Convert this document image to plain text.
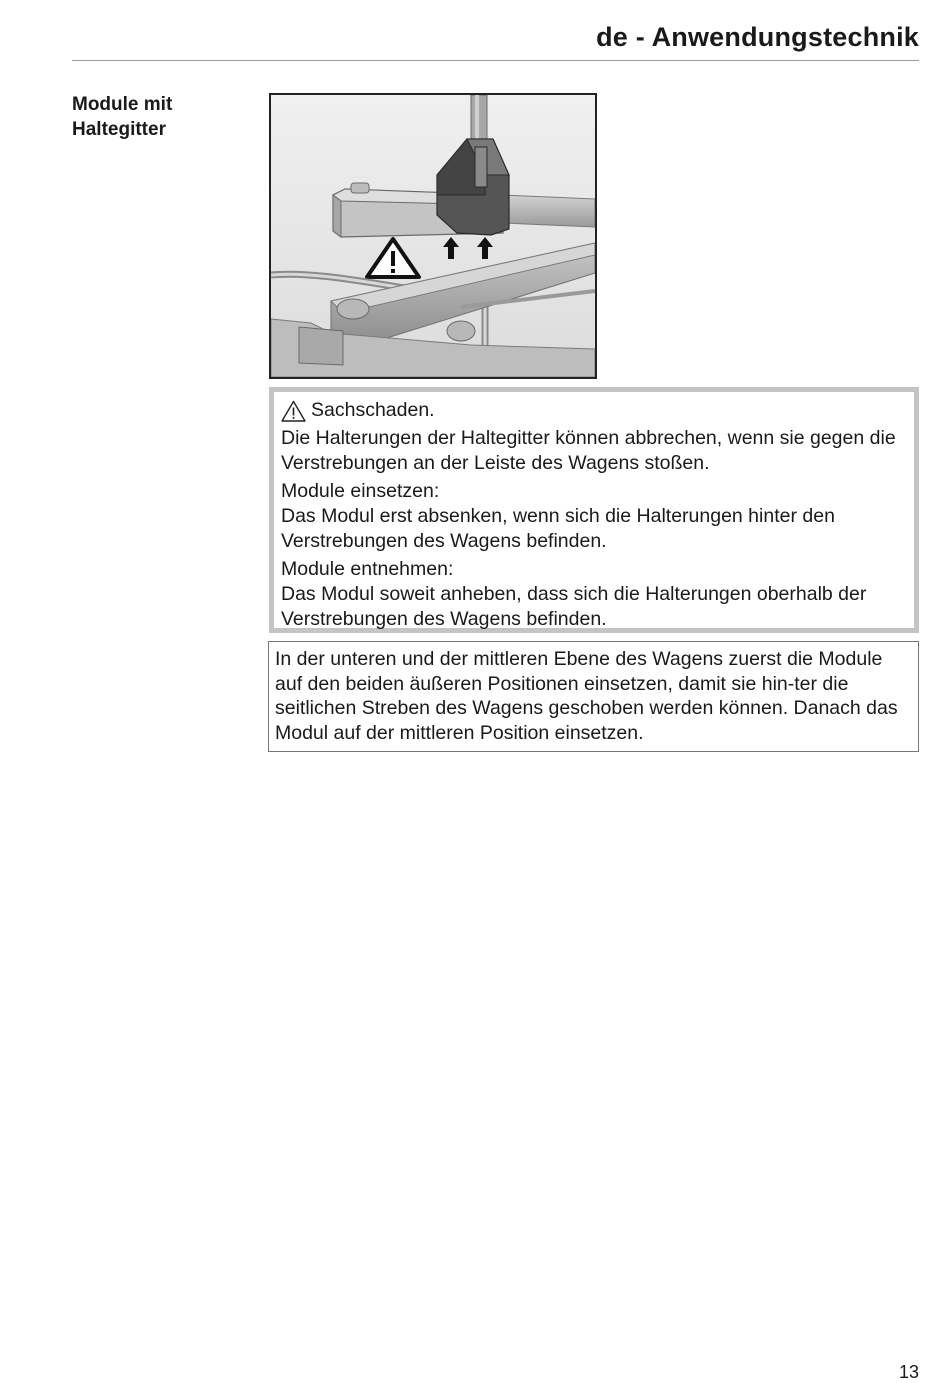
de - Anwendungstechnik
Module mit
Haltegitter

Sachschaden.

Die Halterungen der Haltegitter können abbrechen, wenn sie gegen die Verstrebungen an der Leiste des Wagens stoßen.

Module einsetzen:
Das Modul erst absenken, wenn sich die Halterungen hinter den Verstrebungen des Wagens befinden.

Module entnehmen:
Das Modul soweit anheben, dass sich die Halterungen oberhalb der Verstrebungen des Wagens befinden.

In der unteren und der mittleren Ebene des Wagens zuerst die Module auf den beiden äußeren Positionen einsetzen, damit sie hin-ter die seitlichen Streben des Wagens geschoben werden können. Danach das Modul auf der mittleren Position einsetzen.

13
